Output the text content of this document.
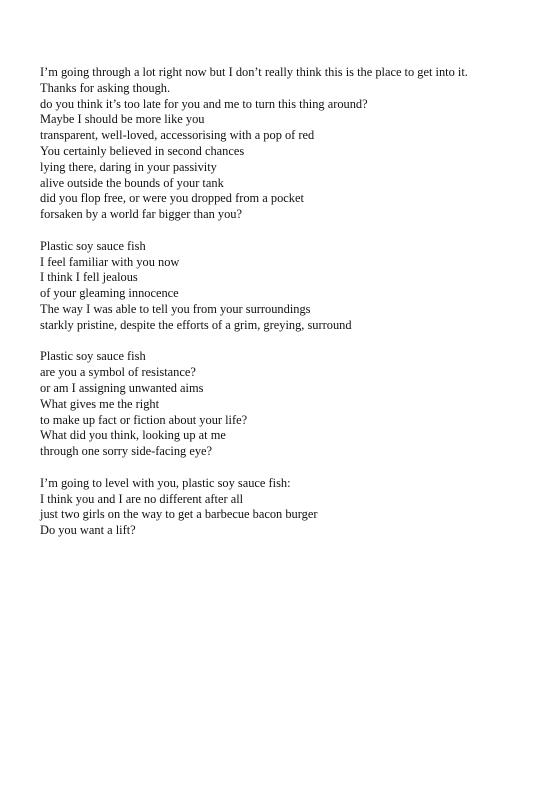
I’m going through a lot right now but I don’t really think this is the place to get into it.
Thanks for asking though.
do you think it’s too late for you and me to turn this thing around?
Maybe I should be more like you
transparent, well-loved, accessorising with a pop of red
You certainly believed in second chances
lying there, daring in your passivity
alive outside the bounds of your tank
did you flop free, or were you dropped from a pocket
forsaken by a world far bigger than you?
Plastic soy sauce fish
I feel familiar with you now
I think I fell jealous
of your gleaming innocence
The way I was able to tell you from your surroundings
starkly pristine, despite the efforts of a grim, greying, surround
Plastic soy sauce fish
are you a symbol of resistance?
or am I assigning unwanted aims
What gives me the right
to make up fact or fiction about your life?
What did you think, looking up at me
through one sorry side-facing eye?
I’m going to level with you, plastic soy sauce fish:
I think you and I are no different after all
just two girls on the way to get a barbecue bacon burger
Do you want a lift?
